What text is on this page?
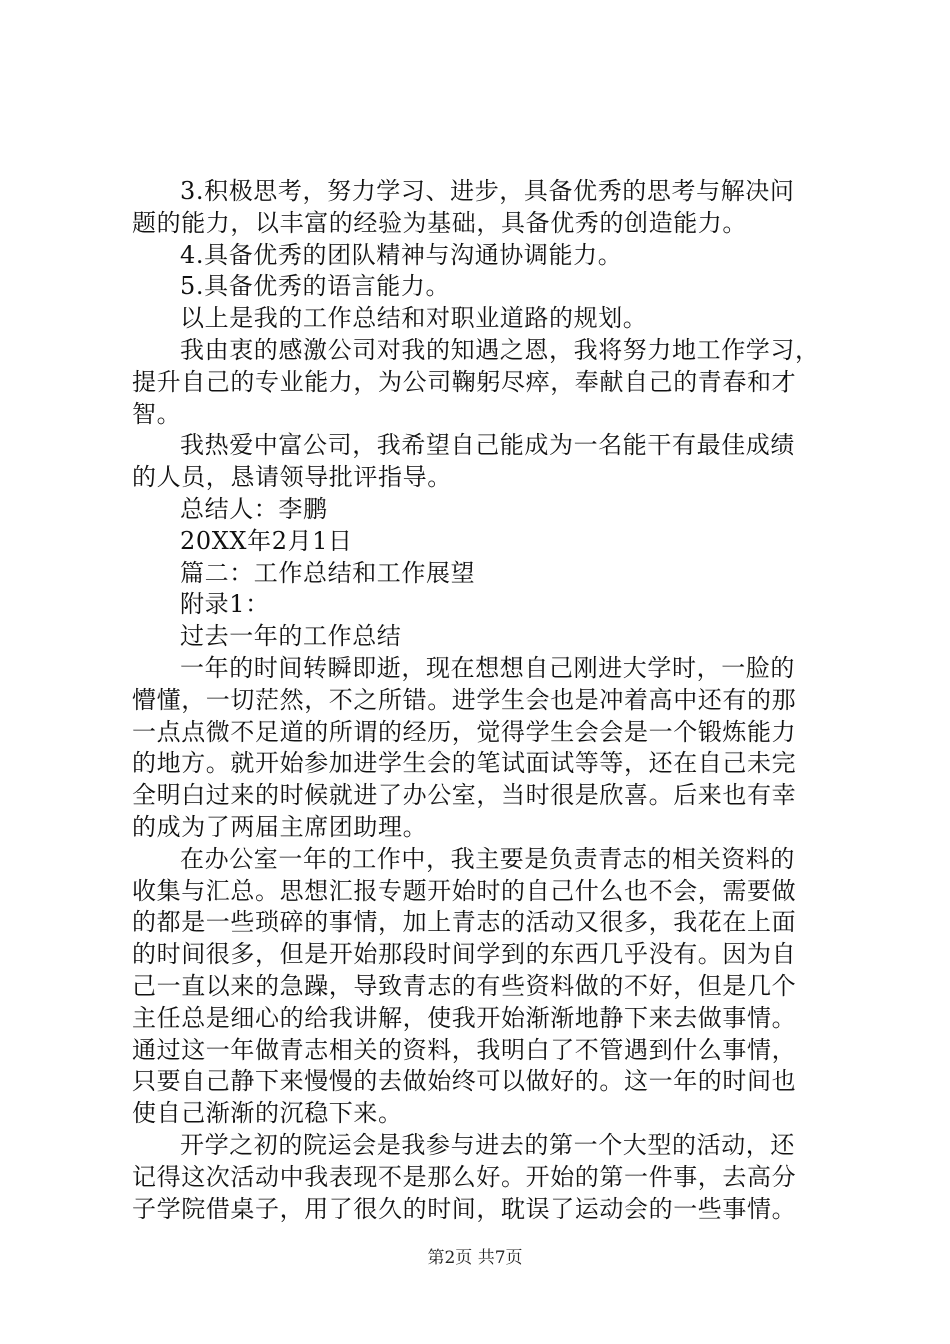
3.积极思考，努力学习、进步，具备优秀的思考与解决问
题的能力，以丰富的经验为基础，具备优秀的创造能力。
4.具备优秀的团队精神与沟通协调能力。
5.具备优秀的语言能力。
以上是我的工作总结和对职业道路的规划。
我由衷的感激公司对我的知遇之恩，我将努力地工作学习，
提升自己的专业能力，为公司鞠躬尽瘁，奉献自己的青春和才
智。
我热爱中富公司，我希望自己能成为一名能干有最佳成绩
的人员，恳请领导批评指导。
总结人：李鹏
20XX年2月1日
篇二：工作总结和工作展望
附录1：
过去一年的工作总结
一年的时间转瞬即逝，现在想想自己刚进大学时，一脸的
懵懂，一切茫然，不之所错。进学生会也是冲着高中还有的那
一点点微不足道的所谓的经历，觉得学生会会是一个锻炼能力
的地方。就开始参加进学生会的笔试面试等等，还在自己未完
全明白过来的时候就进了办公室，当时很是欣喜。后来也有幸
的成为了两届主席团助理。
在办公室一年的工作中，我主要是负责青志的相关资料的
收集与汇总。思想汇报专题开始时的自己什么也不会，需要做
的都是一些琐碎的事情，加上青志的活动又很多，我花在上面
的时间很多，但是开始那段时间学到的东西几乎没有。因为自
己一直以来的急躁，导致青志的有些资料做的不好，但是几个
主任总是细心的给我讲解，使我开始渐渐地静下来去做事情。
通过这一年做青志相关的资料，我明白了不管遇到什么事情，
只要自己静下来慢慢的去做始终可以做好的。这一年的时间也
使自己渐渐的沉稳下来。
开学之初的院运会是我参与进去的第一个大型的活动，还
记得这次活动中我表现不是那么好。开始的第一件事，去高分
子学院借桌子，用了很久的时间，耽误了运动会的一些事情。
第2页 共7页
